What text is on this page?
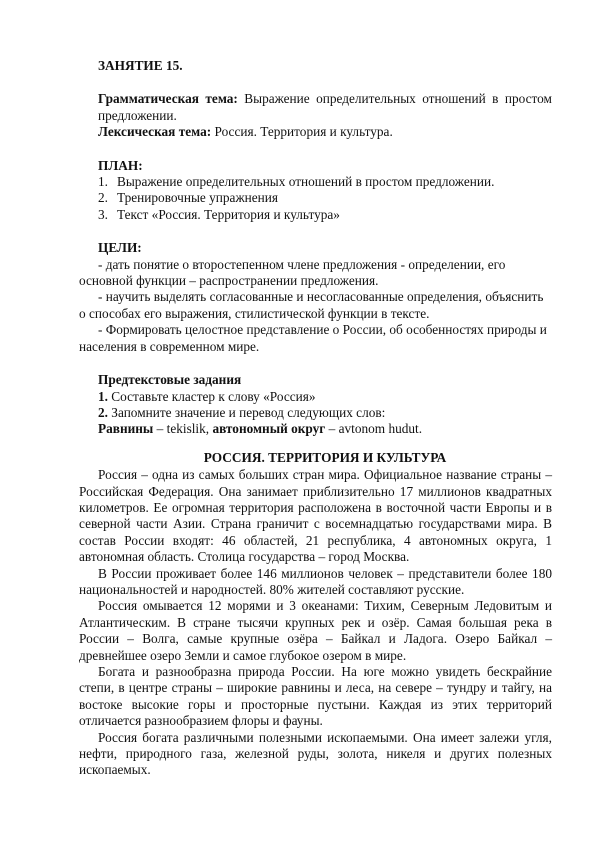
ЗАНЯТИЕ 15.

Грамматическая тема: Выражение определительных отношений в простом предложении.

Лексическая тема: Россия. Территория и культура.

ПЛАН:

1. Выражение определительных отношений в простом предложении.
2. Тренировочные упражнения
3. Текст «Россия. Территория и культура»

ЦЕЛИ:

- дать понятие о второстепенном члене предложения - определении, его основной функции – распространении предложения.

- научить выделять согласованные и несогласованные определения, объяснить о способах его выражения, стилистической функции в тексте.

- Формировать целостное представление о России, об особенностях природы и населения в современном мире.

Предтекстовые задания

1. Составьте кластер к слову «Россия»

2. Запомните значение и перевод следующих слов:

Равнины – tekislik, автономный округ – avtonom hudut.

РОССИЯ. ТЕРРИТОРИЯ И КУЛЬТУРА

Россия – одна из самых больших стран мира. Официальное название страны – Российская Федерация. Она занимает приблизительно 17 миллионов квадратных километров. Ее огромная территория расположена в восточной части Европы и в северной части Азии. Страна граничит с восемнадцатью государствами мира. В состав России входят: 46 областей, 21 республика, 4 автономных округа, 1 автономная область. Столица государства – город Москва.

В России проживает более 146 миллионов человек – представители более 180 национальностей и народностей. 80% жителей составляют русские.

Россия омывается 12 морями и 3 океанами: Тихим, Северным Ледовитым и Атлантическим. В стране тысячи крупных рек и озёр. Самая большая река в России – Волга, самые крупные озёра – Байкал и Ладога. Озеро Байкал – древнейшее озеро Земли и самое глубокое озером в мире.

Богата и разнообразна природа России. На юге можно увидеть бескрайние степи, в центре страны – широкие равнины и леса, на севере – тундру и тайгу, на востоке высокие горы и просторные пустыни. Каждая из этих территорий отличается разнообразием флоры и фауны.

Россия богата различными полезными ископаемыми. Она имеет залежи угля, нефти, природного газа, железной руды, золота, никеля и других полезных ископаемых.
